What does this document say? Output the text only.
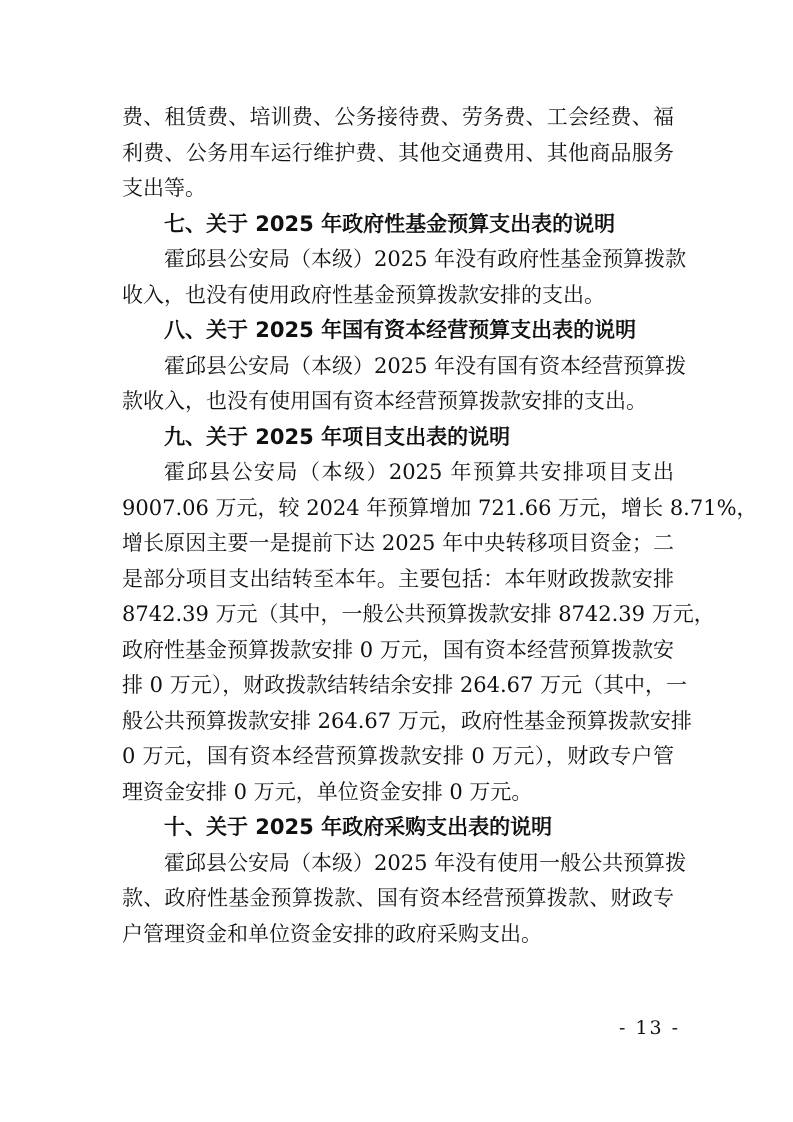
费、租赁费、培训费、公务接待费、劳务费、工会经费、福
利费、公务用车运行维护费、其他交通费用、其他商品服务
支出等。
七、关于 2025 年政府性基金预算支出表的说明
霍邱县公安局（本级）2025 年没有政府性基金预算拨款
收入，也没有使用政府性基金预算拨款安排的支出。
八、关于 2025 年国有资本经营预算支出表的说明
霍邱县公安局（本级）2025 年没有国有资本经营预算拨
款收入，也没有使用国有资本经营预算拨款安排的支出。
九、关于 2025 年项目支出表的说明
霍邱县公安局（本级）2025 年预算共安排项目支出
9007.06 万元，较 2024 年预算增加 721.66 万元，增长 8.71%，
增长原因主要一是提前下达 2025 年中央转移项目资金；二
是部分项目支出结转至本年。主要包括：本年财政拨款安排
8742.39 万元（其中，一般公共预算拨款安排 8742.39 万元，
政府性基金预算拨款安排 0 万元，国有资本经营预算拨款安
排 0 万元），财政拨款结转结余安排 264.67 万元（其中，一
般公共预算拨款安排 264.67 万元，政府性基金预算拨款安排
0 万元，国有资本经营预算拨款安排 0 万元），财政专户管
理资金安排 0 万元，单位资金安排 0 万元。
十、关于 2025 年政府采购支出表的说明
霍邱县公安局（本级）2025 年没有使用一般公共预算拨
款、政府性基金预算拨款、国有资本经营预算拨款、财政专
户管理资金和单位资金安排的政府采购支出。
- 13 -
